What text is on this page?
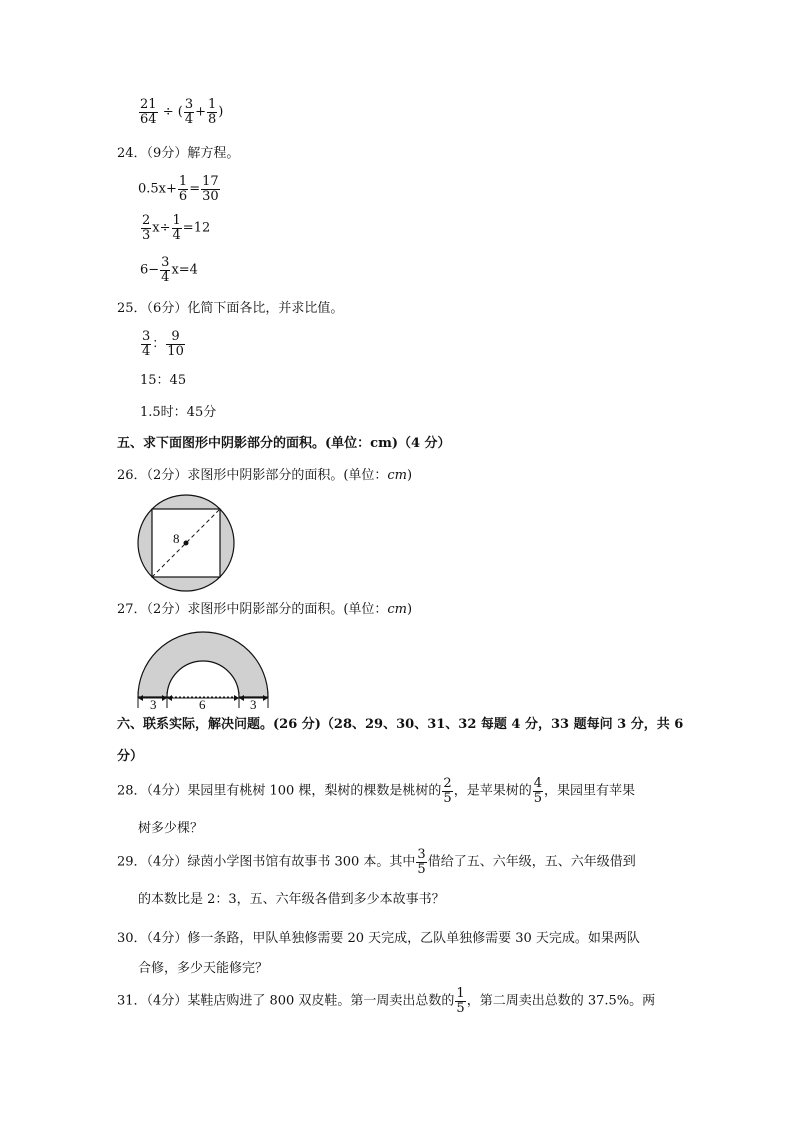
$\frac{21}{64}$ ÷ ( $\frac{3}{4} + \frac{1}{8}$ )
24．（9分）解方程。
$0.5x+ \frac{1}{6} = \frac{17}{30}$
$\frac{2}{3} x\div \frac{1}{4} =12$
$6- \frac{3}{4} x=4$
25．（6分）化简下面各比，并求比值。
$\frac{3}{4}$ ： $\frac{9}{10}$
15：45
1.5时：45分
五、求下面图形中阴影部分的面积。(单位：cm)（4 分）
26．（2分）求图形中阴影部分的面积。(单位：cm)
8
27．（2分）求图形中阴影部分的面积。(单位：cm)
3	6	3
六、联系实际，解决问题。(26 分)（28、29、30、31、32 每题 4 分，33 题每问 3 分，共 6
分）
28．（4分）果园里有桃树 100 棵，梨树的棵数是桃树的 $\frac{2}{5}$ ，是苹果树的 $\frac{4}{5}$ ，果园里有苹果
树多少棵？
29．（4分）绿茵小学图书馆有故事书 300 本。其中 $\frac{3}{5}$ 借给了五、六年级，五、六年级借到
的本数比是 2：3，五、六年级各借到多少本故事书？
30．（4分）修一条路，甲队单独修需要 20 天完成，乙队单独修需要 30 天完成。如果两队
合修，多少天能修完？
31．（4分）某鞋店购进了 800 双皮鞋。第一周卖出总数的 $\frac{1}{5}$ ，第二周卖出总数的 37.5%。两
